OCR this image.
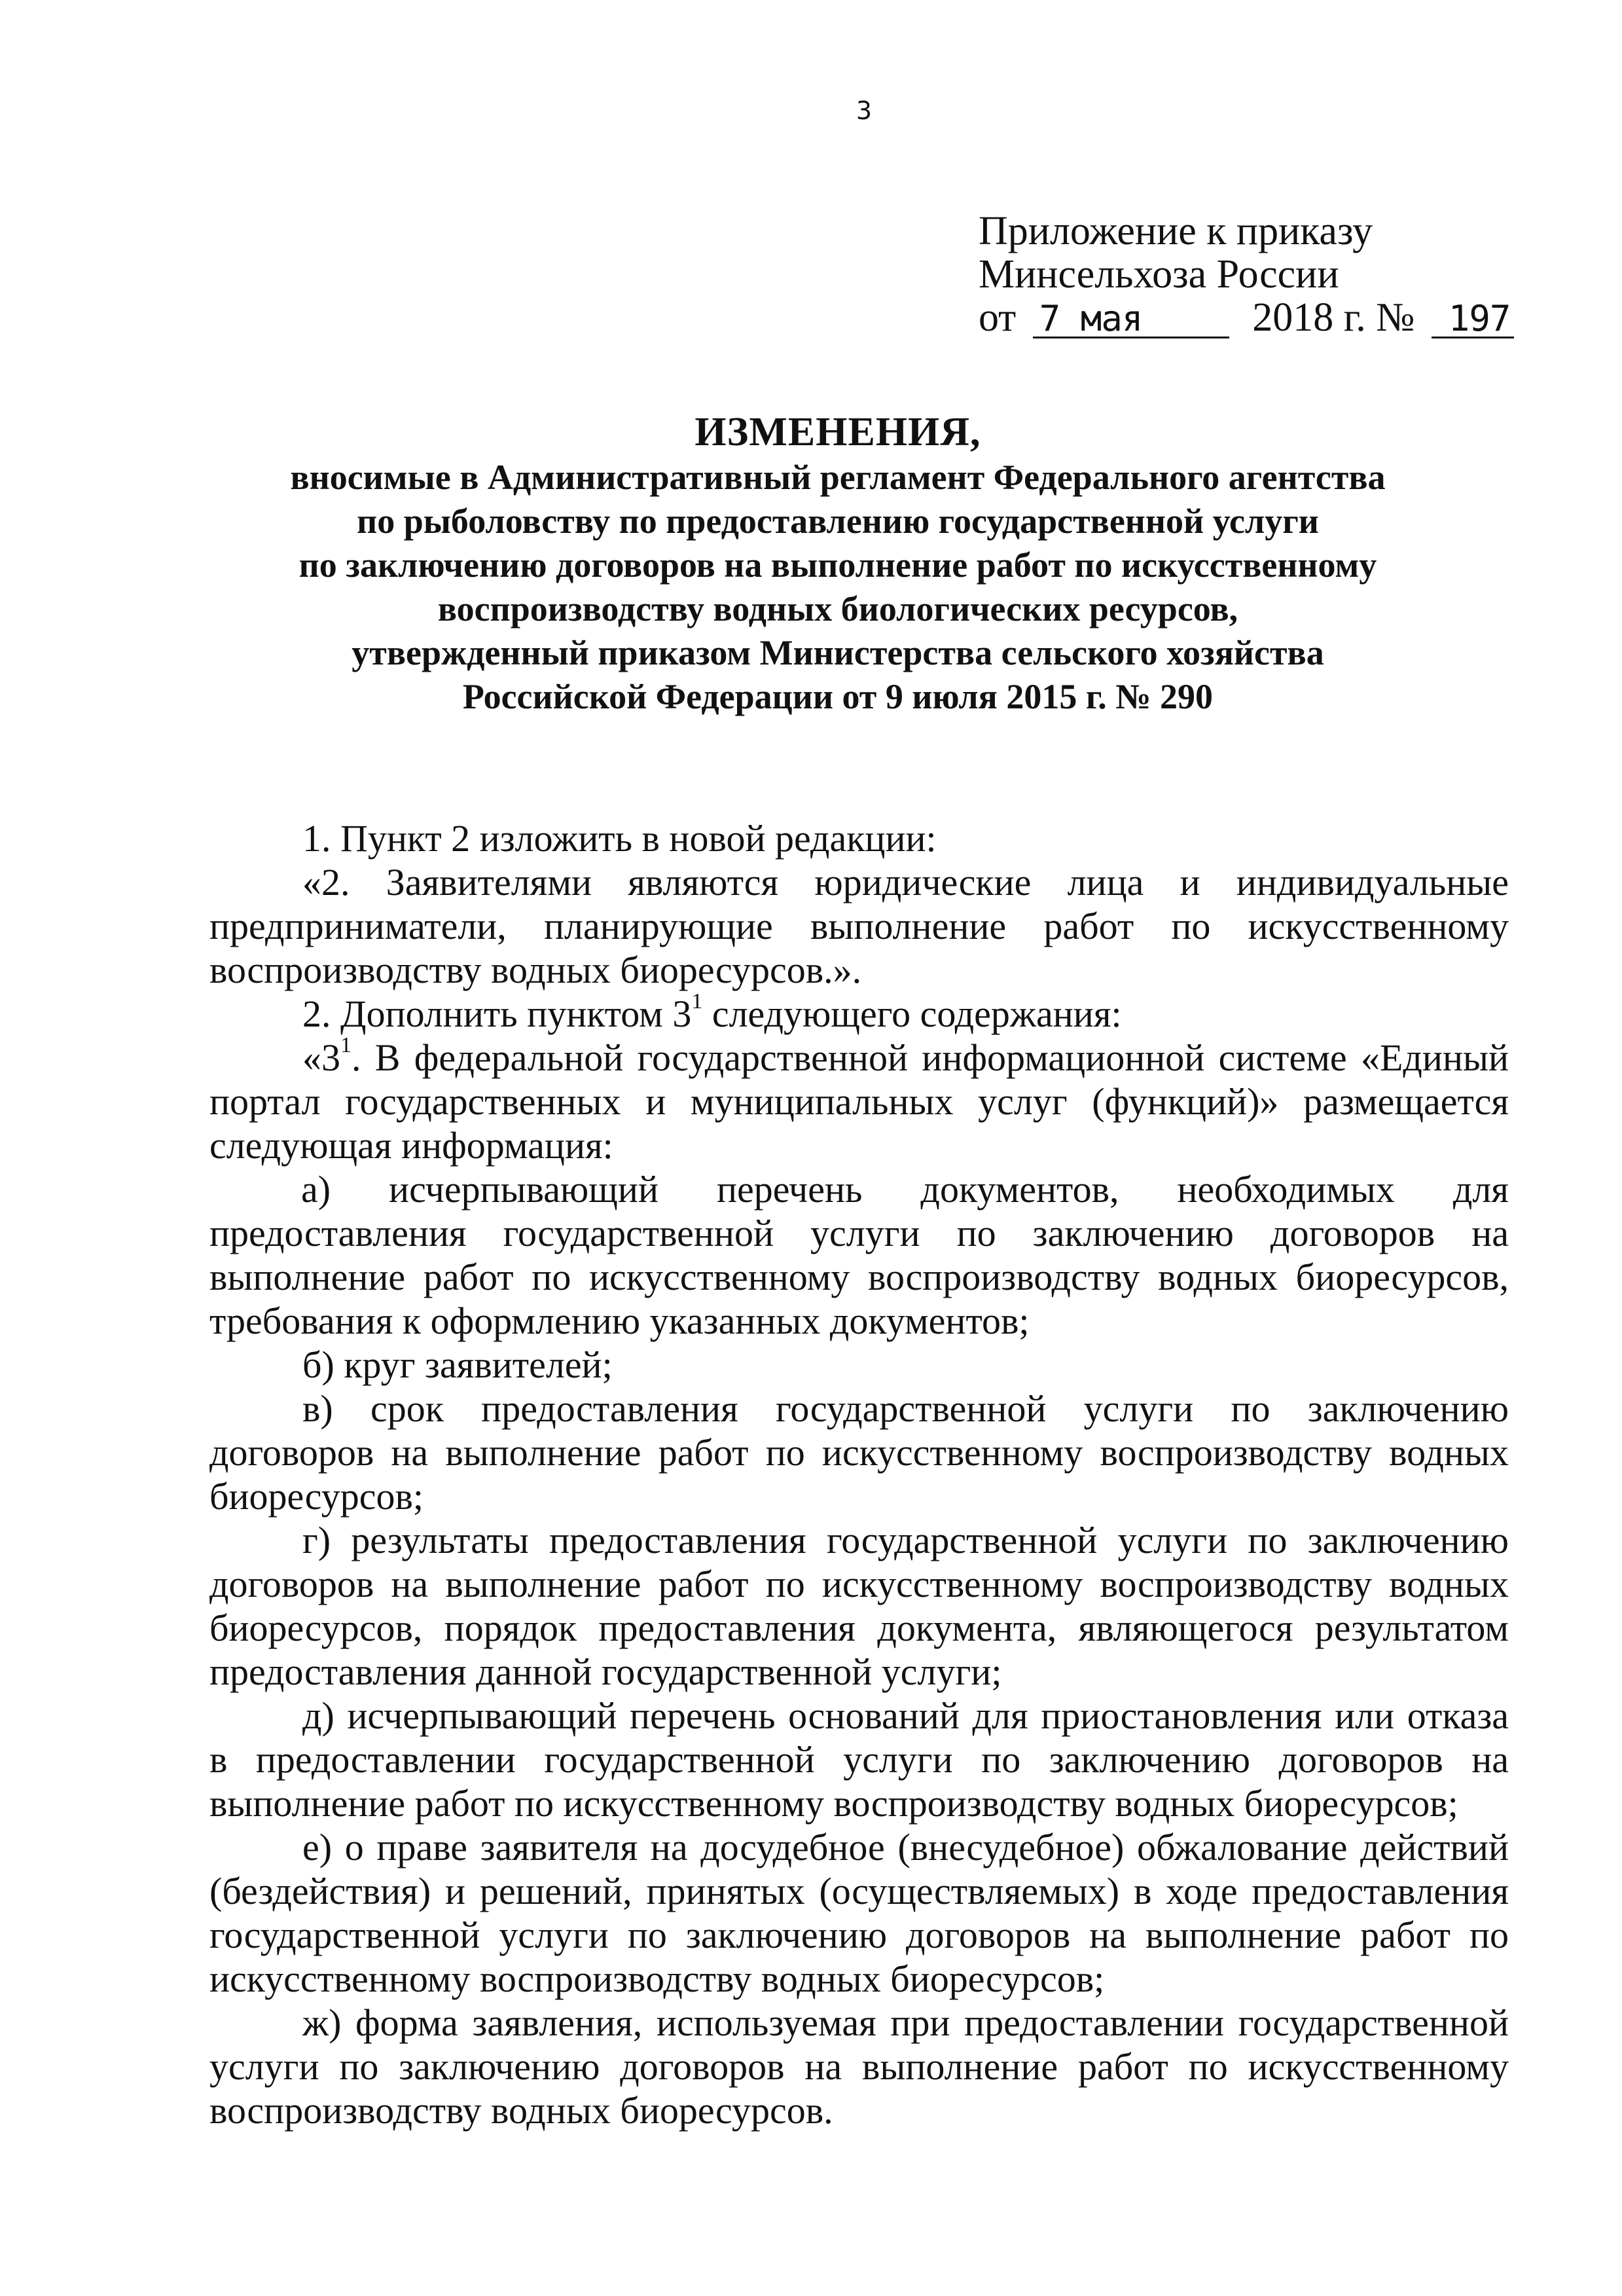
3
Приложение к приказу
Минсельхоза России
от 7 мая	2018 г. № 197
ИЗМЕНЕНИЯ,
вносимые в Административный регламент Федерального агентства
по рыболовству по предоставлению государственной услуги
по заключению договоров на выполнение работ по искусственному
воспроизводству водных биологических ресурсов,
утвержденный приказом Министерства сельского хозяйства
Российской Федерации от 9 июля 2015 г. № 290

1. Пункт 2 изложить в новой редакции:

«2. Заявителями являются юридические лица и индивидуальные предприниматели, планирующие выполнение работ по искусственному воспроизводству водных биоресурсов.».

2. Дополнить пунктом $3^1$ следующего содержания:

«$3^1$. В федеральной государственной информационной системе «Единый портал государственных и муниципальных услуг (функций)» размещается следующая информация:

а) исчерпывающий перечень документов, необходимых для предоставления государственной услуги по заключению договоров на выполнение работ по искусственному воспроизводству водных биоресурсов, требования к оформлению указанных документов;

б) круг заявителей;

в) срок предоставления государственной услуги по заключению договоров на выполнение работ по искусственному воспроизводству водных биоресурсов;

г) результаты предоставления государственной услуги по заключению договоров на выполнение работ по искусственному воспроизводству водных биоресурсов, порядок предоставления документа, являющегося результатом предоставления данной государственной услуги;

д) исчерпывающий перечень оснований для приостановления или отказа в предоставлении государственной услуги по заключению договоров на выполнение работ по искусственному воспроизводству водных биоресурсов;

е) о праве заявителя на досудебное (внесудебное) обжалование действий (бездействия) и решений, принятых (осуществляемых) в ходе предоставления государственной услуги по заключению договоров на выполнение работ по искусственному воспроизводству водных биоресурсов;

ж) форма заявления, используемая при предоставлении государственной услуги по заключению договоров на выполнение работ по искусственному воспроизводству водных биоресурсов.
